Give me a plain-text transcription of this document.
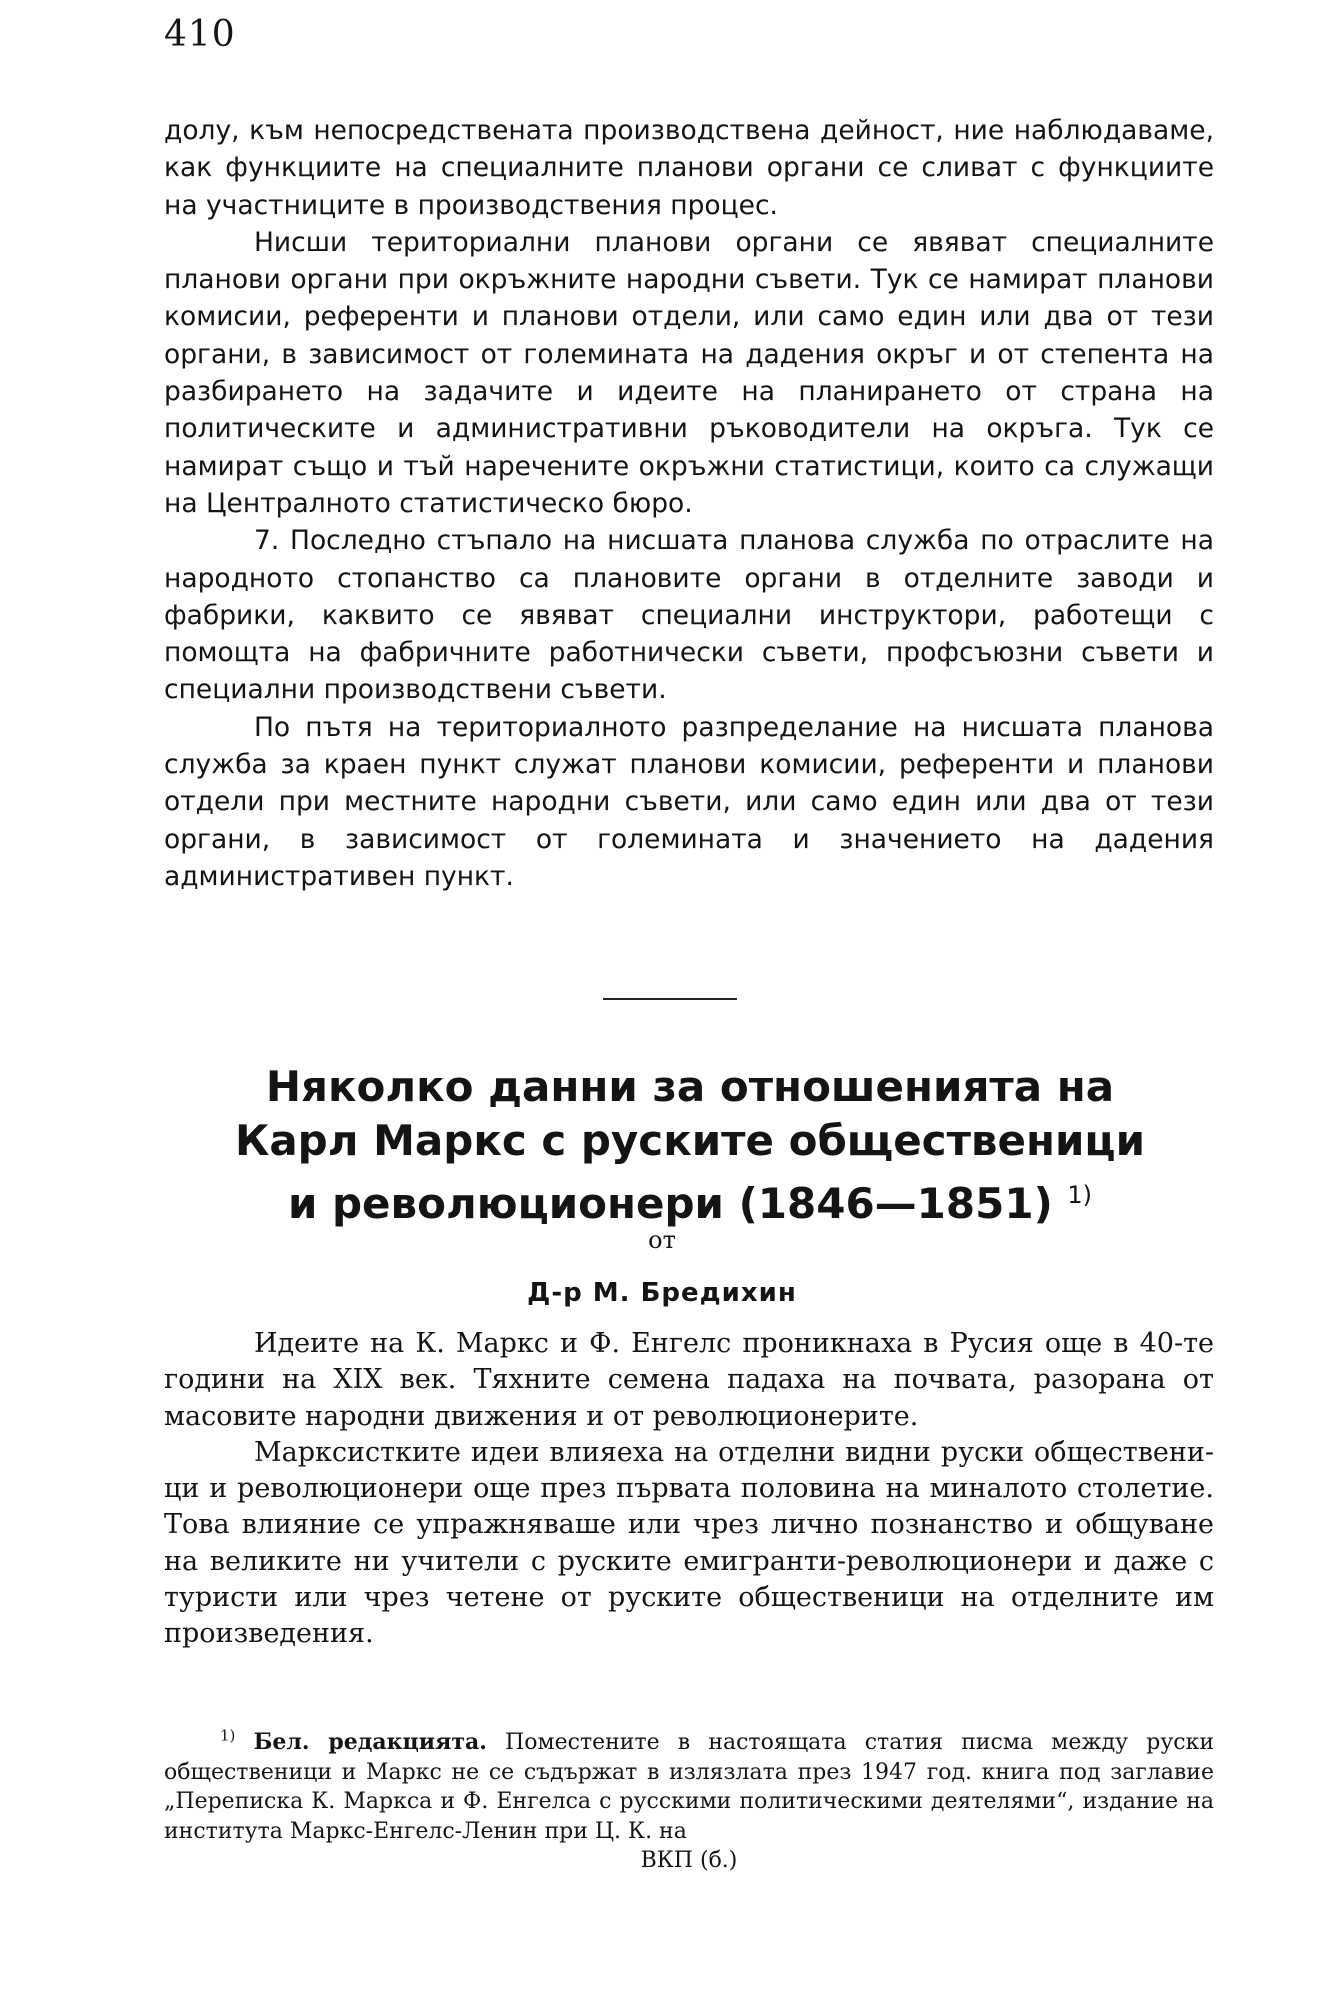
410

долу, към непосредствената производствена дейност, ние наблюдаваме, как функциите на специалните планови органи се сливат с функциите на участниците в производствения процес.

Нисши териториални планови органи се явяват специалните планови органи при окръжните народни съвети. Тук се намират планови комисии, референти и планови отдели, или само един или два от тези органи, в зависимост от големината на дадения окръг и от степента на разбирането на задачите и идеите на планирането от страна на политическите и административни ръководители на окръга. Тук се намират също и тъй наречените окръжни статистици, които са служащи на Централното статистическо бюро.

7. Последно стъпало на нисшата планова служба по отраслите на народното стопанство са плановите органи в отделните заводи и фабрики, каквито се явяват специални инструктори, работещи с помощта на фабричните работнически съвети, профсъюзни съвети и специални производствени съвети.

По пътя на териториалното разпределание на нисшата планова служба за краен пункт служат планови комисии, референти и планови отдели при местните народни съвети, или само един или два от тези органи, в зависимост от големината и значението на дадения административен пункт.

Няколко данни за отношенията на
Карл Маркс с руските общественици
и революционери (1846—1851) $^{1)}$
от
Д-р М. Бредихин

Идеите на К. Маркс и Ф. Енгелс проникнаха в Русия още в 40-те години на XIX век. Тяхните семена падаха на почвата, разорана от масовите народни движения и от революционерите.

Марксистките идеи влияеха на отделни видни руски общественици и революционери още през първата половина на миналото столетие. Това влияние се упражняваше или чрез лично познанство и общуване на великите ни учители с руските емигранти-революционери и даже с туристи или чрез четене от руските общественици на отделните им произведения.

$^{1)}$ Бел. редакцията. Поместените в настоящата статия писма между руски общественици и Маркс не се съдържат в излязлата през 1947 год. книга под заглавие „Переписка К. Маркса и Ф. Енгелса с русскими политическими деятелями“, издание на института Маркс-Енгелс-Ленин при Ц. К. на

ВКП (б.)
